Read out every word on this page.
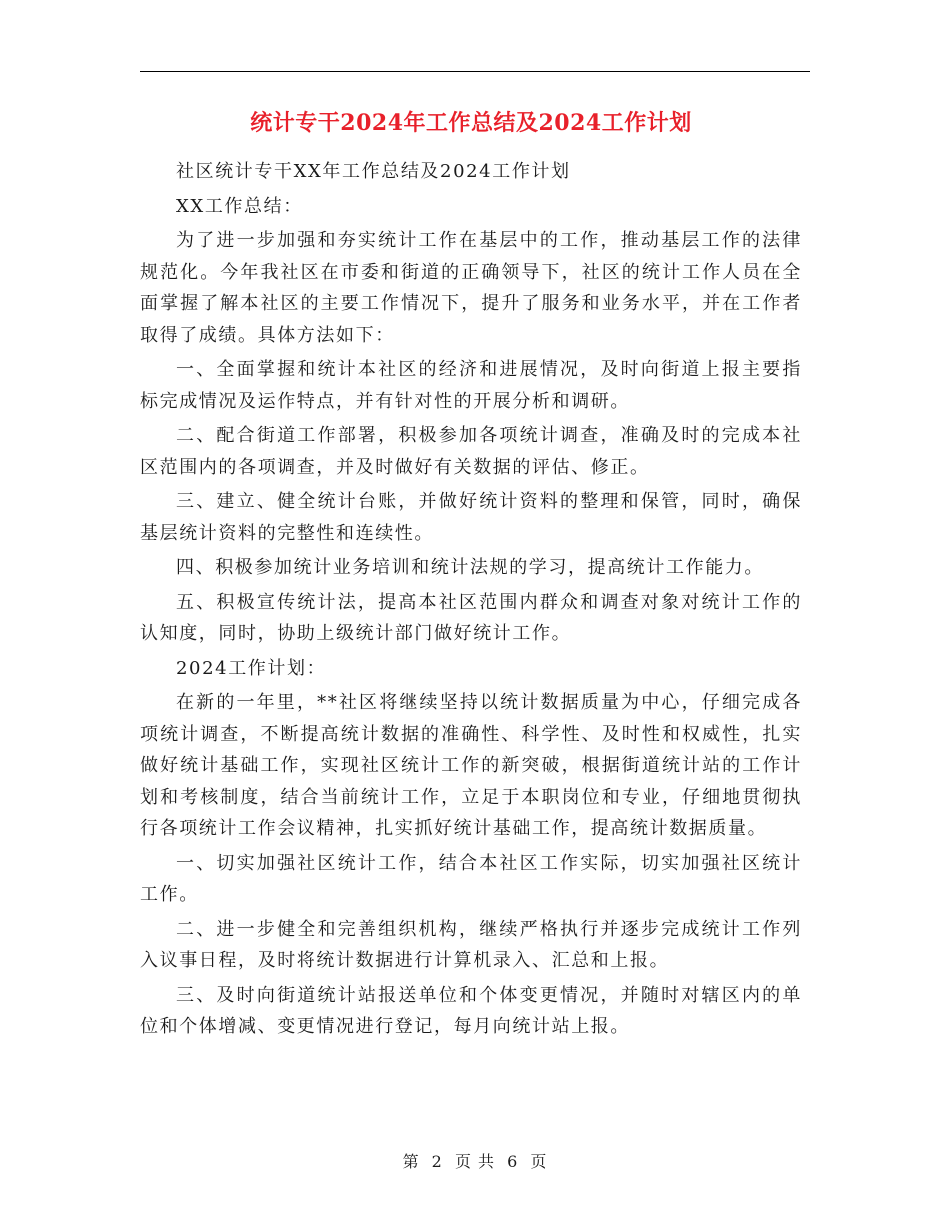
统计专干2024年工作总结及2024工作计划

社区统计专干XX年工作总结及2024工作计划

XX工作总结：

为了进一步加强和夯实统计工作在基层中的工作，推动基层工作的法律规范化。今年我社区在市委和街道的正确领导下，社区的统计工作人员在全面掌握了解本社区的主要工作情况下，提升了服务和业务水平，并在工作者取得了成绩。具体方法如下：

一、全面掌握和统计本社区的经济和进展情况，及时向街道上报主要指标完成情况及运作特点，并有针对性的开展分析和调研。

二、配合街道工作部署，积极参加各项统计调查，准确及时的完成本社区范围内的各项调查，并及时做好有关数据的评估、修正。

三、建立、健全统计台账，并做好统计资料的整理和保管，同时，确保基层统计资料的完整性和连续性。

四、积极参加统计业务培训和统计法规的学习，提高统计工作能力。

五、积极宣传统计法，提高本社区范围内群众和调查对象对统计工作的认知度，同时，协助上级统计部门做好统计工作。

2024工作计划：

在新的一年里，**社区将继续坚持以统计数据质量为中心，仔细完成各项统计调查，不断提高统计数据的准确性、科学性、及时性和权威性，扎实做好统计基础工作，实现社区统计工作的新突破，根据街道统计站的工作计划和考核制度，结合当前统计工作，立足于本职岗位和专业，仔细地贯彻执行各项统计工作会议精神，扎实抓好统计基础工作，提高统计数据质量。

一、切实加强社区统计工作，结合本社区工作实际，切实加强社区统计工作。

二、进一步健全和完善组织机构，继续严格执行并逐步完成统计工作列入议事日程，及时将统计数据进行计算机录入、汇总和上报。

三、及时向街道统计站报送单位和个体变更情况，并随时对辖区内的单位和个体增减、变更情况进行登记，每月向统计站上报。

第 2 页 共 6 页
